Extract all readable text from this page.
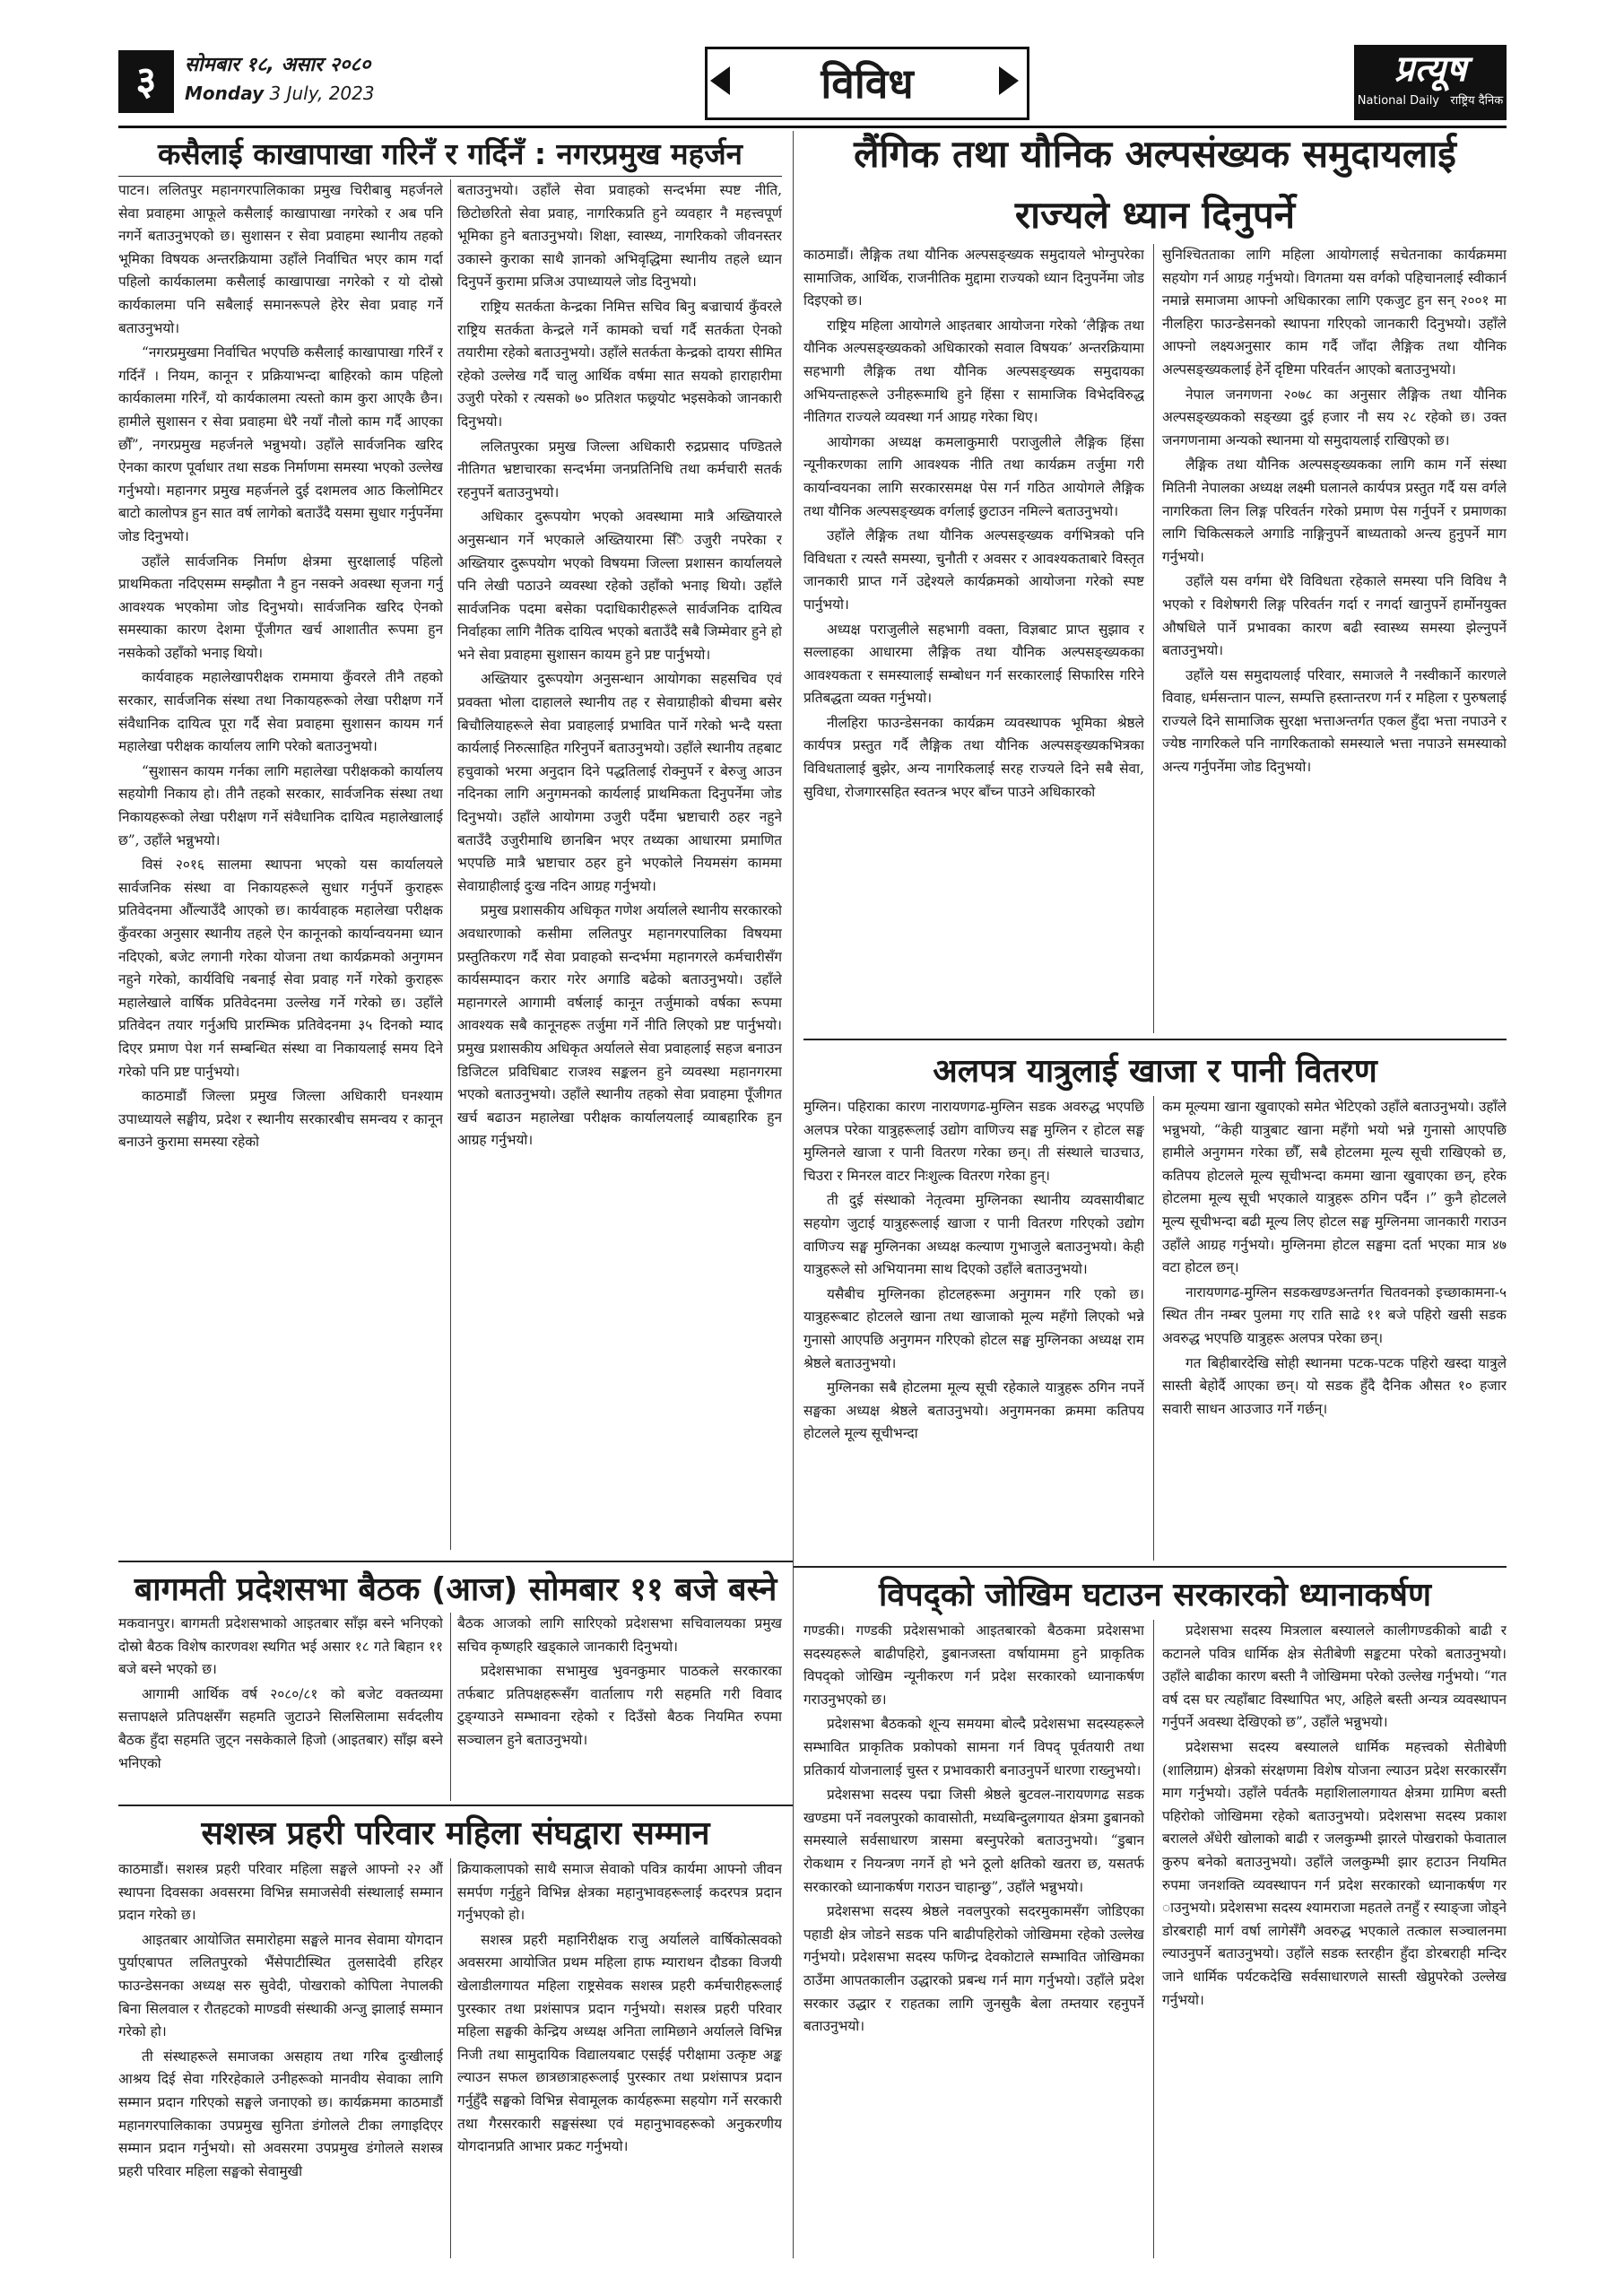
३	सोमबार १८, असार २०८०
Monday 3 July, 2023	विविध	प्रत्यूष
National Daily राष्ट्रिय दैनिक
कसैलाई काखापाखा गरिनँ र गर्दिनँ : नगरप्रमुख महर्जन

पाटन। ललितपुर महानगरपालिकाका प्रमुख चिरीबाबु महर्जनले सेवा प्रवाहमा आफूले कसैलाई काखापाखा नगरेको र अब पनि नगर्ने बताउनुभएको छ। सुशासन र सेवा प्रवाहमा स्थानीय तहको भूमिका विषयक अन्तरक्रियामा उहाँले निर्वाचित भएर काम गर्दा पहिलो कार्यकालमा कसैलाई काखापाखा नगरेको र यो दोस्रो कार्यकालमा पनि सबैलाई समानरूपले हेरेर सेवा प्रवाह गर्ने बताउनुभयो।

“नगरप्रमुखमा निर्वाचित भएपछि कसैलाई काखापाखा गरिनँ र गर्दिनँ । नियम, कानून र प्रक्रियाभन्दा बाहिरको काम पहिलो कार्यकालमा गरिनँ, यो कार्यकालमा त्यस्तो काम कुरा आएकै छैन। हामीले सुशासन र सेवा प्रवाहमा धेरै नयाँ नौलो काम गर्दै आएका छौँ”, नगरप्रमुख महर्जनले भन्नुभयो। उहाँले सार्वजनिक खरिद ऐनका कारण पूर्वाधार तथा सडक निर्माणमा समस्या भएको उल्लेख गर्नुभयो। महानगर प्रमुख महर्जनले दुई दशमलव आठ किलोमिटर बाटो कालोपत्र हुन सात वर्ष लागेको बताउँदै यसमा सुधार गर्नुपर्नेमा जोड दिनुभयो।

उहाँले सार्वजनिक निर्माण क्षेत्रमा सुरक्षालाई पहिलो प्राथमिकता नदिएसम्म सम्झौता नै हुन नसक्ने अवस्था सृजना गर्नु आवश्यक भएकोमा जोड दिनुभयो। सार्वजनिक खरिद ऐनको समस्याका कारण देशमा पूँजीगत खर्च आशातीत रूपमा हुन नसकेको उहाँको भनाइ थियो।

कार्यवाहक महालेखापरीक्षक राममाया कुँवरले तीनै तहको सरकार, सार्वजनिक संस्था तथा निकायहरूको लेखा परीक्षण गर्ने संवैधानिक दायित्व पूरा गर्दै सेवा प्रवाहमा सुशासन कायम गर्न महालेखा परीक्षक कार्यालय लागि परेको बताउनुभयो।

“सुशासन कायम गर्नका लागि महालेखा परीक्षकको कार्यालय सहयोगी निकाय हो। तीनै तहको सरकार, सार्वजनिक संस्था तथा निकायहरूको लेखा परीक्षण गर्ने संवैधानिक दायित्व महालेखालाई छ”, उहाँले भन्नुभयो।

विसं २०१६ सालमा स्थापना भएको यस कार्यालयले सार्वजनिक संस्था वा निकायहरूले सुधार गर्नुपर्ने कुराहरू प्रतिवेदनमा औंल्याउँदै आएको छ। कार्यवाहक महालेखा परीक्षक कुँवरका अनुसार स्थानीय तहले ऐन कानूनको कार्यान्वयनमा ध्यान नदिएको, बजेट लगानी गरेका योजना तथा कार्यक्रमको अनुगमन नहुने गरेको, कार्यविधि नबनाई सेवा प्रवाह गर्ने गरेको कुराहरू महालेखाले वार्षिक प्रतिवेदनमा उल्लेख गर्ने गरेको छ। उहाँले प्रतिवेदन तयार गर्नुअघि प्रारम्भिक प्रतिवेदनमा ३५ दिनको म्याद दिएर प्रमाण पेश गर्न सम्बन्धित संस्था वा निकायलाई समय दिने गरेको पनि प्रष्ट पार्नुभयो।

काठमाडौं जिल्ला प्रमुख जिल्ला अधिकारी घनश्याम उपाध्यायले सङ्घीय, प्रदेश र स्थानीय सरकारबीच समन्वय र कानून बनाउने कुरामा समस्या रहेको

बताउनुभयो। उहाँले सेवा प्रवाहको सन्दर्भमा स्पष्ट नीति, छिटोछरितो सेवा प्रवाह, नागरिकप्रति हुने व्यवहार नै महत्त्वपूर्ण भूमिका हुने बताउनुभयो। शिक्षा, स्वास्थ्य, नागरिकको जीवनस्तर उकास्ने कुराका साथै ज्ञानको अभिवृद्धिमा स्थानीय तहले ध्यान दिनुपर्ने कुरामा प्रजिअ उपाध्यायले जोड दिनुभयो।

राष्ट्रिय सतर्कता केन्द्रका निमित्त सचिव बिनु बज्राचार्य कुँवरले राष्ट्रिय सतर्कता केन्द्रले गर्ने कामको चर्चा गर्दै सतर्कता ऐनको तयारीमा रहेको बताउनुभयो। उहाँले सतर्कता केन्द्रको दायरा सीमित रहेको उल्लेख गर्दै चालु आर्थिक वर्षमा सात सयको हाराहारीमा उजुरी परेको र त्यसको ७० प्रतिशत फछ्र्योट भइसकेको जानकारी दिनुभयो।

ललितपुरका प्रमुख जिल्ला अधिकारी रुद्रप्रसाद पण्डितले नीतिगत भ्रष्टाचारका सन्दर्भमा जनप्रतिनिधि तथा कर्मचारी सतर्क रहनुपर्ने बताउनुभयो।

अधिकार दुरूपयोग भएको अवस्थामा मात्रै अख्तियारले अनुसन्धान गर्ने भएकाले अख्तियारमा सिँै उजुरी नपरेका र अख्तियार दुरूपयोग भएको विषयमा जिल्ला प्रशासन कार्यालयले पनि लेखी पठाउने व्यवस्था रहेको उहाँको भनाइ थियो। उहाँले सार्वजनिक पदमा बसेका पदाधिकारीहरूले सार्वजनिक दायित्व निर्वाहका लागि नैतिक दायित्व भएको बताउँदै सबै जिम्मेवार हुने हो भने सेवा प्रवाहमा सुशासन कायम हुने प्रष्ट पार्नुभयो।

अख्तियार दुरूपयोग अनुसन्धान आयोगका सहसचिव एवं प्रवक्ता भोला दाहालले स्थानीय तह र सेवाग्राहीको बीचमा बसेर बिचौलियाहरूले सेवा प्रवाहलाई प्रभावित पार्ने गरेको भन्दै यस्ता कार्यलाई निरुत्साहित गरिनुपर्ने बताउनुभयो। उहाँले स्थानीय तहबाट हचुवाको भरमा अनुदान दिने पद्धतिलाई रोक्नुपर्ने र बेरुजु आउन नदिनका लागि अनुगमनको कार्यलाई प्राथमिकता दिनुपर्नेमा जोड दिनुभयो। उहाँले आयोगमा उजुरी पर्दैमा भ्रष्टाचारी ठहर नहुने बताउँदै उजुरीमाथि छानबिन भएर तथ्यका आधारमा प्रमाणित भएपछि मात्रै भ्रष्टाचार ठहर हुने भएकोले नियमसंग काममा सेवाग्राहीलाई दुःख नदिन आग्रह गर्नुभयो।

प्रमुख प्रशासकीय अधिकृत गणेश अर्यालले स्थानीय सरकारको अवधारणाको कसीमा ललितपुर महानगरपालिका विषयमा प्रस्तुतिकरण गर्दै सेवा प्रवाहको सन्दर्भमा महानगरले कर्मचारीसँग कार्यसम्पादन करार गरेर अगाडि बढेको बताउनुभयो। उहाँले महानगरले आगामी वर्षलाई कानून तर्जुमाको वर्षका रूपमा आवश्यक सबै कानूनहरू तर्जुमा गर्ने नीति लिएको प्रष्ट पार्नुभयो। प्रमुख प्रशासकीय अधिकृत अर्यालले सेवा प्रवाहलाई सहज बनाउन डिजिटल प्रविधिबाट राजश्व सङ्कलन हुने व्यवस्था महानगरमा भएको बताउनुभयो। उहाँले स्थानीय तहको सेवा प्रवाहमा पूँजीगत खर्च बढाउन महालेखा परीक्षक कार्यालयलाई व्याबहारिक हुन आग्रह गर्नुभयो।

लैंगिक तथा यौनिक अल्पसंख्यक समुदायलाई
राज्यले ध्यान दिनुपर्ने

काठमाडौं। लैङ्गिक तथा यौनिक अल्पसङ्ख्यक समुदायले भोग्नुपरेका सामाजिक, आर्थिक, राजनीतिक मुद्दामा राज्यको ध्यान दिनुपर्नेमा जोड दिइएको छ।

राष्ट्रिय महिला आयोगले आइतबार आयोजना गरेको ‘लैङ्गिक तथा यौनिक अल्पसङ्ख्यकको अधिकारको सवाल विषयक’ अन्तरक्रियामा सहभागी लैङ्गिक तथा यौनिक अल्पसङ्ख्यक समुदायका अभियन्ताहरूले उनीहरूमाथि हुने हिंसा र सामाजिक विभेदविरुद्ध नीतिगत राज्यले व्यवस्था गर्न आग्रह गरेका थिए।

आयोगका अध्यक्ष कमलाकुमारी पराजुलीले लैङ्गिक हिंसा न्यूनीकरणका लागि आवश्यक नीति तथा कार्यक्रम तर्जुमा गरी कार्यान्वयनका लागि सरकारसमक्ष पेस गर्न गठित आयोगले लैङ्गिक तथा यौनिक अल्पसङ्ख्यक वर्गलाई छुटाउन नमिल्ने बताउनुभयो।

उहाँले लैङ्गिक तथा यौनिक अल्पसङ्ख्यक वर्गभित्रको पनि विविधता र त्यस्तै समस्या, चुनौती र अवसर र आवश्यकताबारे विस्तृत जानकारी प्राप्त गर्ने उद्देश्यले कार्यक्रमको आयोजना गरेको स्पष्ट पार्नुभयो।

अध्यक्ष पराजुलीले सहभागी वक्ता, विज्ञबाट प्राप्त सुझाव र सल्लाहका आधारमा लैङ्गिक तथा यौनिक अल्पसङ्ख्यकका आवश्यकता र समस्यालाई सम्बोधन गर्न सरकारलाई सिफारिस गरिने प्रतिबद्धता व्यक्त गर्नुभयो।

नीलहिरा फाउन्डेसनका कार्यक्रम व्यवस्थापक भूमिका श्रेष्ठले कार्यपत्र प्रस्तुत गर्दै लैङ्गिक तथा यौनिक अल्पसङ्ख्यकभित्रका विविधतालाई बुझेर, अन्य नागरिकलाई सरह राज्यले दिने सबै सेवा, सुविधा, रोजगारसहित स्वतन्त्र भएर बाँच्न पाउने अधिकारको

सुनिश्चितताका लागि महिला आयोगलाई सचेतनाका कार्यक्रममा सहयोग गर्न आग्रह गर्नुभयो। विगतमा यस वर्गको पहिचानलाई स्वीकार्न नमान्ने समाजमा आफ्नो अधिकारका लागि एकजुट हुन सन् २००१ मा नीलहिरा फाउन्डेसनको स्थापना गरिएको जानकारी दिनुभयो। उहाँले आफ्नो लक्ष्यअनुसार काम गर्दै जाँदा लैङ्गिक तथा यौनिक अल्पसङ्ख्यकलाई हेर्ने दृष्टिमा परिवर्तन आएको बताउनुभयो।

नेपाल जनगणना २०७८ का अनुसार लैङ्गिक तथा यौनिक अल्पसङ्ख्यकको सङ्ख्या दुई हजार नौ सय २८ रहेको छ। उक्त जनगणनामा अन्यको स्थानमा यो समुदायलाई राखिएको छ।

लैङ्गिक तथा यौनिक अल्पसङ्ख्यकका लागि काम गर्ने संस्था मितिनी नेपालका अध्यक्ष लक्ष्मी घलानले कार्यपत्र प्रस्तुत गर्दै यस वर्गले नागरिकता लिन लिङ्ग परिवर्तन गरेको प्रमाण पेस गर्नुपर्ने र प्रमाणका लागि चिकित्सकले अगाडि नाङ्गिनुपर्ने बाध्यताको अन्त्य हुनुपर्ने माग गर्नुभयो।

उहाँले यस वर्गमा धेरै विविधता रहेकाले समस्या पनि विविध नै भएको र विशेषगरी लिङ्ग परिवर्तन गर्दा र नगर्दा खानुपर्ने हार्मोनयुक्त औषधिले पार्ने प्रभावका कारण बढी स्वास्थ्य समस्या झेल्नुपर्ने बताउनुभयो।

उहाँले यस समुदायलाई परिवार, समाजले नै नस्वीकार्ने कारणले विवाह, धर्मसन्तान पाल्न, सम्पत्ति हस्तान्तरण गर्न र महिला र पुरुषलाई राज्यले दिने सामाजिक सुरक्षा भत्ताअन्तर्गत एकल हुँदा भत्ता नपाउने र ज्येष्ठ नागरिकले पनि नागरिकताको समस्याले भत्ता नपाउने समस्याको अन्त्य गर्नुपर्नेमा जोड दिनुभयो।

अलपत्र यात्रुलाई खाजा र पानी वितरण

मुग्लिन। पहिराका कारण नारायणगढ-मुग्लिन सडक अवरुद्ध भएपछि अलपत्र परेका यात्रुहरूलाई उद्योग वाणिज्य सङ्घ मुग्लिन र होटल सङ्घ मुग्लिनले खाजा र पानी वितरण गरेका छन्। ती संस्थाले चाउचाउ, चिउरा र मिनरल वाटर निःशुल्क वितरण गरेका हुन्।

ती दुई संस्थाको नेतृत्वमा मुग्लिनका स्थानीय व्यवसायीबाट सहयोग जुटाई यात्रुहरूलाई खाजा र पानी वितरण गरिएको उद्योग वाणिज्य सङ्घ मुग्लिनका अध्यक्ष कल्याण गुभाजुले बताउनुभयो। केही यात्रुहरूले सो अभियानमा साथ दिएको उहाँले बताउनुभयो।

यसैबीच मुग्लिनका होटलहरूमा अनुगमन गरि एको छ। यात्रुहरूबाट होटलले खाना तथा खाजाको मूल्य महँगो लिएको भन्ने गुनासो आएपछि अनुगमन गरिएको होटल सङ्घ मुग्लिनका अध्यक्ष राम श्रेष्ठले बताउनुभयो।

मुग्लिनका सबै होटलमा मूल्य सूची रहेकाले यात्रुहरू ठगिन नपर्ने सङ्घका अध्यक्ष श्रेष्ठले बताउनुभयो। अनुगमनका क्रममा कतिपय होटलले मूल्य सूचीभन्दा

कम मूल्यमा खाना खुवाएको समेत भेटिएको उहाँले बताउनुभयो। उहाँले भन्नुभयो, “केही यात्रुबाट खाना महँगो भयो भन्ने गुनासो आएपछि हामीले अनुगमन गरेका छौँ, सबै होटलमा मूल्य सूची राखिएको छ, कतिपय होटलले मूल्य सूचीभन्दा कममा खाना खुवाएका छन्, हरेक होटलमा मूल्य सूची भएकाले यात्रुहरू ठगिन पर्दैन ।” कुनै होटलले मूल्य सूचीभन्दा बढी मूल्य लिए होटल सङ्घ मुग्लिनमा जानकारी गराउन उहाँले आग्रह गर्नुभयो। मुग्लिनमा होटल सङ्घमा दर्ता भएका मात्र ४७ वटा होटल छन्।

नारायणगढ-मुग्लिन सडकखण्डअन्तर्गत चितवनको इच्छाकामना-५ स्थित तीन नम्बर पुलमा गए राति साढे ११ बजे पहिरो खसी सडक अवरुद्ध भएपछि यात्रुहरू अलपत्र परेका छन्।

गत बिहीबारदेखि सोही स्थानमा पटक-पटक पहिरो खस्दा यात्रुले सास्ती बेहोर्दै आएका छन्। यो सडक हुँदै दैनिक औसत १० हजार सवारी साधन आउजाउ गर्ने गर्छन्।

बागमती प्रदेशसभा बैठक (आज) सोमबार ११ बजे बस्ने

मकवानपुर। बागमती प्रदेशसभाको आइतबार साँझ बस्ने भनिएको दोस्रो बैठक विशेष कारणवश स्थगित भई असार १८ गते बिहान ११ बजे बस्ने भएको छ।

आगामी आर्थिक वर्ष २०८०/८१ को बजेट वक्तव्यमा सत्तापक्षले प्रतिपक्षसँग सहमति जुटाउने सिलसिलामा सर्वदलीय बैठक हुँदा सहमति जुट्न नसकेकाले हिजो (आइतबार) साँझ बस्ने भनिएको

बैठक आजको लागि सारिएको प्रदेशसभा सचिवालयका प्रमुख सचिव कृष्णहरि खड्काले जानकारी दिनुभयो।

प्रदेशसभाका सभामुख भुवनकुमार पाठकले सरकारका तर्फबाट प्रतिपक्षहरूसँग वार्तालाप गरी सहमति गरी विवाद टुङ्ग्याउने सम्भावना रहेको र दिउँसो बैठक नियमित रुपमा सञ्चालन हुने बताउनुभयो।

सशस्त्र प्रहरी परिवार महिला संघद्वारा सम्मान

काठमाडौं। सशस्त्र प्रहरी परिवार महिला सङ्घले आफ्नो २२ औं स्थापना दिवसका अवसरमा विभिन्न समाजसेवी संस्थालाई सम्मान प्रदान गरेको छ।

आइतबार आयोजित समारोहमा सङ्घले मानव सेवामा योगदान पुर्याएबापत ललितपुरको भैंसेपाटीस्थित तुलसादेवी हरिहर फाउन्डेसनका अध्यक्ष सरु सुवेदी, पोखराको कोपिला नेपालकी बिना सिलवाल र रौतहटको माण्डवी संस्थाकी अन्जु झालाई सम्मान गरेको हो।

ती संस्थाहरूले समाजका असहाय तथा गरिब दुःखीलाई आश्रय दिई सेवा गरिरहेकाले उनीहरूको मानवीय सेवाका लागि सम्मान प्रदान गरिएको सङ्घले जनाएको छ। कार्यक्रममा काठमाडौं महानगरपालिकाका उपप्रमुख सुनिता डंगोलले टीका लगाइदिएर सम्मान प्रदान गर्नुभयो। सो अवसरमा उपप्रमुख डंगोलले सशस्त्र प्रहरी परिवार महिला सङ्घको सेवामुखी

क्रियाकलापको साथै समाज सेवाको पवित्र कार्यमा आफ्नो जीवन समर्पण गर्नुहुने विभिन्न क्षेत्रका महानुभावहरूलाई कदरपत्र प्रदान गर्नुभएको हो।

सशस्त्र प्रहरी महानिरीक्षक राजु अर्यालले वार्षिकोत्सवको अवसरमा आयोजित प्रथम महिला हाफ म्याराथन दौडका विजयी खेलाडीलगायत महिला राष्ट्रसेवक सशस्त्र प्रहरी कर्मचारीहरूलाई पुरस्कार तथा प्रशंसापत्र प्रदान गर्नुभयो। सशस्त्र प्रहरी परिवार महिला सङ्घकी केन्द्रिय अध्यक्ष अनिता लामिछाने अर्यालले विभिन्न निजी तथा सामुदायिक विद्यालयबाट एसईई परीक्षामा उत्कृष्ट अङ्क ल्याउन सफल छात्रछात्राहरूलाई पुरस्कार तथा प्रशंसापत्र प्रदान गर्नुहुँदै सङ्घको विभिन्न सेवामूलक कार्यहरूमा सहयोग गर्ने सरकारी तथा गैरसरकारी सङ्घसंस्था एवं महानुभावहरूको अनुकरणीय योगदानप्रति आभार प्रकट गर्नुभयो।

विपद्को जोखिम घटाउन सरकारको ध्यानाकर्षण

गण्डकी। गण्डकी प्रदेशसभाको आइतबारको बैठकमा प्रदेशसभा सदस्यहरूले बाढीपहिरो, डुबानजस्ता वर्षायाममा हुने प्राकृतिक विपद्को जोखिम न्यूनीकरण गर्न प्रदेश सरकारको ध्यानाकर्षण गराउनुभएको छ।

प्रदेशसभा बैठकको शून्य समयमा बोल्दै प्रदेशसभा सदस्यहरूले सम्भावित प्राकृतिक प्रकोपको सामना गर्न विपद् पूर्वतयारी तथा प्रतिकार्य योजनालाई चुस्त र प्रभावकारी बनाउनुपर्ने धारणा राख्नुभयो।

प्रदेशसभा सदस्य पद्मा जिसी श्रेष्ठले बुटवल-नारायणगढ सडक खण्डमा पर्ने नवलपुरको कावासोती, मध्यबिन्दुलगायत क्षेत्रमा डुबानको समस्याले सर्वसाधारण त्रासमा बस्नुपरेको बताउनुभयो। “डुबान रोकथाम र नियन्त्रण नगर्ने हो भने ठूलो क्षतिको खतरा छ, यसतर्फ सरकारको ध्यानाकर्षण गराउन चाहान्छु”, उहाँले भन्नुभयो।

प्रदेशसभा सदस्य श्रेष्ठले नवलपुरको सदरमुकामसँग जोडिएका पहाडी क्षेत्र जोडने सडक पनि बाढीपहिरोको जोखिममा रहेको उल्लेख गर्नुभयो। प्रदेशसभा सदस्य फणिन्द्र देवकोटाले सम्भावित जोखिमका ठाउँमा आपतकालीन उद्धारको प्रबन्ध गर्न माग गर्नुभयो। उहाँले प्रदेश सरकार उद्धार र राहतका लागि जुनसुकै बेला तम्तयार रहनुपर्ने बताउनुभयो।

प्रदेशसभा सदस्य मित्रलाल बस्यालले कालीगण्डकीको बाढी र कटानले पवित्र धार्मिक क्षेत्र सेतीबेणी सङ्कटमा परेको बताउनुभयो। उहाँले बाढीका कारण बस्ती नै जोखिममा परेको उल्लेख गर्नुभयो। “गत वर्ष दस घर त्यहाँबाट विस्थापित भए, अहिले बस्ती अन्यत्र व्यवस्थापन गर्नुपर्ने अवस्था देखिएको छ”, उहाँले भन्नुभयो।

प्रदेशसभा सदस्य बस्यालले धार्मिक महत्त्वको सेतीबेणी (शालिग्राम) क्षेत्रको संरक्षणमा विशेष योजना ल्याउन प्रदेश सरकारसँग माग गर्नुभयो। उहाँले पर्वतकै महाशिलालगायत क्षेत्रमा ग्रामिण बस्ती पहिरोको जोखिममा रहेको बताउनुभयो। प्रदेशसभा सदस्य प्रकाश बरालले अँधेरी खोलाको बाढी र जलकुम्भी झारले पोखराको फेवाताल कुरुप बनेको बताउनुभयो। उहाँले जलकुम्भी झार हटाउन नियमित रुपमा जनशक्ति व्यवस्थापन गर्न प्रदेश सरकारको ध्यानाकर्षण गर ाउनुभयो। प्रदेशसभा सदस्य श्यामराजा महतले तनहुँ र स्याङ्जा जोड्ने डोरबराही मार्ग वर्षा लागेसँगै अवरुद्ध भएकाले तत्काल सञ्चालनमा ल्याउनुपर्ने बताउनुभयो। उहाँले सडक स्तरहीन हुँदा डोरबराही मन्दिर जाने धार्मिक पर्यटकदेखि सर्वसाधारणले सास्ती खेप्नुपरेको उल्लेख गर्नुभयो।
